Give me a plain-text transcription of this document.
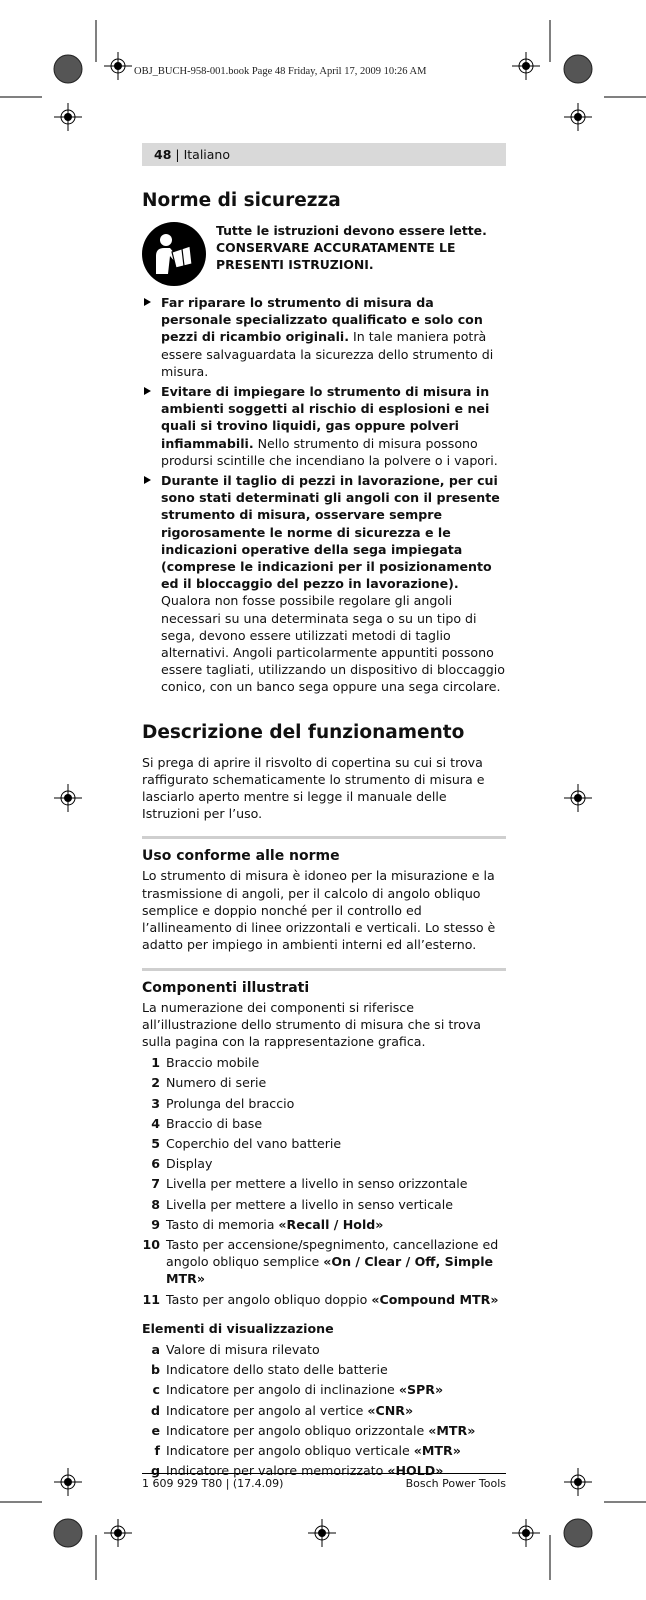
OBJ_BUCH-958-001.book Page 48 Friday, April 17, 2009 10:26 AM
48 | Italiano
Norme di sicurezza

Tutte le istruzioni devono essere lette. CONSERVARE ACCURATAMENTE LE PRESENTI ISTRUZIONI.

Far riparare lo strumento di misura da personale specializzato qualificato e solo con pezzi di ricambio originali. In tale maniera potrà essere salvaguardata la sicurezza dello strumento di misura.
Evitare di impiegare lo strumento di misura in ambienti soggetti al rischio di esplosioni e nei quali si trovino liquidi, gas oppure polveri infiammabili. Nello strumento di misura possono prodursi scintille che incendiano la polvere o i vapori.
Durante il taglio di pezzi in lavorazione, per cui sono stati determinati gli angoli con il presente strumento di misura, osservare sempre rigorosamente le norme di sicurezza e le indicazioni operative della sega impiegata (comprese le indicazioni per il posizionamento ed il bloccaggio del pezzo in lavorazione). Qualora non fosse possibile regolare gli angoli necessari su una determinata sega o su un tipo di sega, devono essere utilizzati metodi di taglio alternativi. Angoli particolarmente appuntiti possono essere tagliati, utilizzando un dispositivo di bloccaggio conico, con un banco sega oppure una sega circolare.
Descrizione del funzionamento

Si prega di aprire il risvolto di copertina su cui si trova raffigurato schematicamente lo strumento di misura e lasciarlo aperto mentre si legge il manuale delle Istruzioni per l’uso.

Uso conforme alle norme

Lo strumento di misura è idoneo per la misurazione e la trasmissione di angoli, per il calcolo di angolo obliquo semplice e doppio nonché per il controllo ed l’allineamento di linee orizzontali e verticali. Lo stesso è adatto per impiego in ambienti interni ed all’esterno.

Componenti illustrati

La numerazione dei componenti si riferisce all’illustrazione dello strumento di misura che si trova sulla pagina con la rappresentazione grafica.

1 Braccio mobile
2 Numero di serie
3 Prolunga del braccio
4 Braccio di base
5 Coperchio del vano batterie
6 Display
7 Livella per mettere a livello in senso orizzontale
8 Livella per mettere a livello in senso verticale
9 Tasto di memoria «Recall / Hold»
10 Tasto per accensione/spegnimento, cancellazione ed angolo obliquo semplice «On / Clear / Off, Simple MTR»
11 Tasto per angolo obliquo doppio «Compound MTR»
Elementi di visualizzazione
a Valore di misura rilevato
b Indicatore dello stato delle batterie
c Indicatore per angolo di inclinazione «SPR»
d Indicatore per angolo al vertice «CNR»
e Indicatore per angolo obliquo orizzontale «MTR»
f Indicatore per angolo obliquo verticale «MTR»
g Indicatore per valore memorizzato «HOLD»
1 609 929 T80 | (17.4.09)	Bosch Power Tools
